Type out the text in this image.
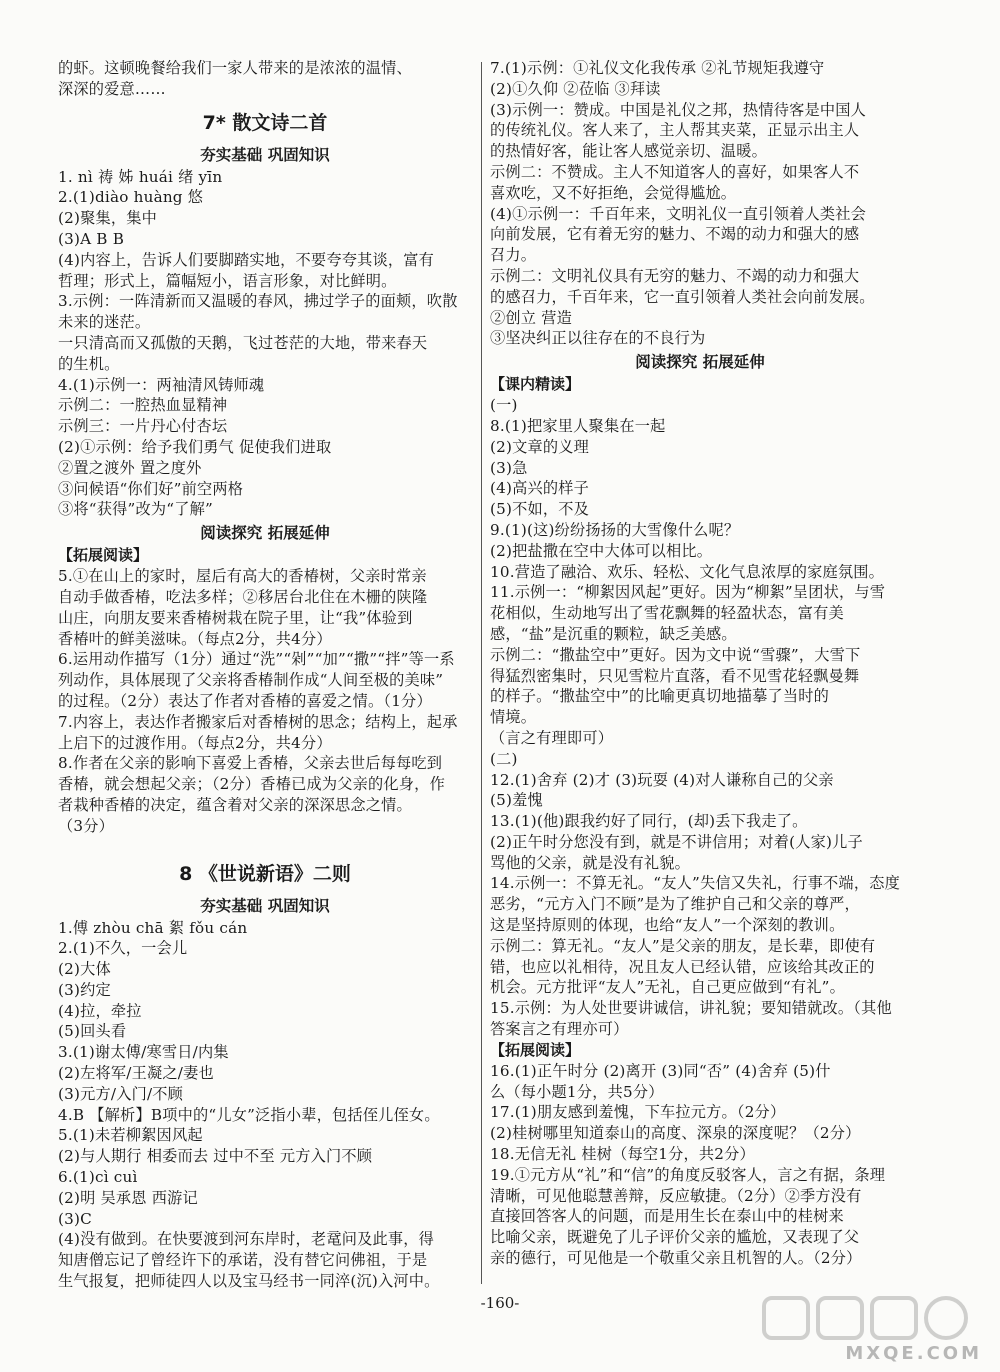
的虾。这顿晚餐给我们一家人带来的是浓浓的温情、
深深的爱意……
7* 散文诗二首
夯实基础 巩固知识
1. nì 祷 姊 huái 绪 yīn
2.(1)diào huàng 悠
(2)聚集，集中
(3)A B B
(4)内容上，告诉人们要脚踏实地，不要夸夸其谈，富有
哲理；形式上，篇幅短小，语言形象，对比鲜明。
3.示例：一阵清新而又温暖的春风，拂过学子的面颊，吹散
未来的迷茫。
一只清高而又孤傲的天鹅，飞过苍茫的大地，带来春天
的生机。
4.(1)示例一：两袖清风铸师魂
示例二：一腔热血显精神
示例三：一片丹心付杏坛
(2)①示例：给予我们勇气 促使我们进取
②置之渡外 置之度外
③问候语“你们好”前空两格
③将“获得”改为“了解”
阅读探究 拓展延伸
【拓展阅读】
5.①在山上的家时，屋后有高大的香椿树，父亲时常亲
自动手做香椿，吃法多样；②移居台北住在木栅的陕隆
山庄，向朋友要来香椿树栽在院子里，让“我”体验到
香椿叶的鲜美滋味。（每点2分，共4分）
6.运用动作描写（1分）通过“洗”“剁”“加”“撒”“拌”等一系
列动作，具体展现了父亲将香椿制作成“人间至极的美味”
的过程。（2分）表达了作者对香椿的喜爱之情。（1分）
7.内容上，表达作者搬家后对香椿树的思念；结构上，起承
上启下的过渡作用。（每点2分，共4分）
8.作者在父亲的影响下喜爱上香椿，父亲去世后每每吃到
香椿，就会想起父亲；（2分）香椿已成为父亲的化身，作
者栽种香椿的决定，蕴含着对父亲的深深思念之情。
（3分）
8 《世说新语》二则
夯实基础 巩固知识
1.傅 zhòu chā 絮 fǒu cán
2.(1)不久，一会儿
(2)大体
(3)约定
(4)拉，牵拉
(5)回头看
3.(1)谢太傅/寒雪日/内集
(2)左将军/王凝之/妻也
(3)元方/入门/不顾
4.B 【解析】B项中的“儿女”泛指小辈，包括侄儿侄女。
5.(1)未若柳絮因风起
(2)与人期行 相委而去 过中不至 元方入门不顾
6.(1)cì cuì
(2)明 吴承恩 西游记
(3)C
(4)没有做到。在快要渡到河东岸时，老鼋问及此事，得
知唐僧忘记了曾经许下的承诺，没有替它问佛祖，于是
生气报复，把师徒四人以及宝马经书一同淬(沉)入河中。
7.(1)示例：①礼仪文化我传承 ②礼节规矩我遵守
(2)①久仰 ②莅临 ③拜读
(3)示例一：赞成。中国是礼仪之邦，热情待客是中国人
的传统礼仪。客人来了，主人帮其夹菜，正显示出主人
的热情好客，能让客人感觉亲切、温暖。
示例二：不赞成。主人不知道客人的喜好，如果客人不
喜欢吃，又不好拒绝，会觉得尴尬。
(4)①示例一：千百年来，文明礼仪一直引领着人类社会
向前发展，它有着无穷的魅力、不竭的动力和强大的感
召力。
示例二：文明礼仪具有无穷的魅力、不竭的动力和强大
的感召力，千百年来，它一直引领着人类社会向前发展。
②创立 营造
③坚决纠正以往存在的不良行为
阅读探究 拓展延伸
【课内精读】
(一)
8.(1)把家里人聚集在一起
(2)文章的义理
(3)急
(4)高兴的样子
(5)不如，不及
9.(1)(这)纷纷扬扬的大雪像什么呢？
(2)把盐撒在空中大体可以相比。
10.营造了融洽、欢乐、轻松、文化气息浓厚的家庭氛围。
11.示例一：“柳絮因风起”更好。因为“柳絮”呈团状，与雪
花相似，生动地写出了雪花飘舞的轻盈状态，富有美
感，“盐”是沉重的颗粒，缺乏美感。
示例二：“撒盐空中”更好。因为文中说“雪骤”，大雪下
得猛烈密集时，只见雪粒片直落，看不见雪花轻飘曼舞
的样子。“撒盐空中”的比喻更真切地描摹了当时的
情境。
（言之有理即可）
(二)
12.(1)舍弃 (2)才 (3)玩耍 (4)对人谦称自己的父亲
(5)羞愧
13.(1)(他)跟我约好了同行，(却)丢下我走了。
(2)正午时分您没有到，就是不讲信用；对着(人家)儿子
骂他的父亲，就是没有礼貌。
14.示例一：不算无礼。“友人”失信又失礼，行事不端，态度
恶劣，“元方入门不顾”是为了维护自己和父亲的尊严，
这是坚持原则的体现，也给“友人”一个深刻的教训。
示例二：算无礼。“友人”是父亲的朋友，是长辈，即使有
错，也应以礼相待，况且友人已经认错，应该给其改正的
机会。元方批评“友人”无礼，自己更应做到“有礼”。
15.示例：为人处世要讲诚信，讲礼貌；要知错就改。（其他
答案言之有理亦可）
【拓展阅读】
16.(1)正午时分 (2)离开 (3)同“否” (4)舍弃 (5)什
么（每小题1分，共5分）
17.(1)朋友感到羞愧，下车拉元方。（2分）
(2)桂树哪里知道泰山的高度、深泉的深度呢？（2分）
18.无信无礼 桂树（每空1分，共2分）
19.①元方从“礼”和“信”的角度反驳客人，言之有据，条理
清晰，可见他聪慧善辩，反应敏捷。（2分）②季方没有
直接回答客人的问题，而是用生长在泰山中的桂树来
比喻父亲，既避免了儿子评价父亲的尴尬，又表现了父
亲的德行，可见他是一个敬重父亲且机智的人。（2分）
-160-
MXQE.COM
